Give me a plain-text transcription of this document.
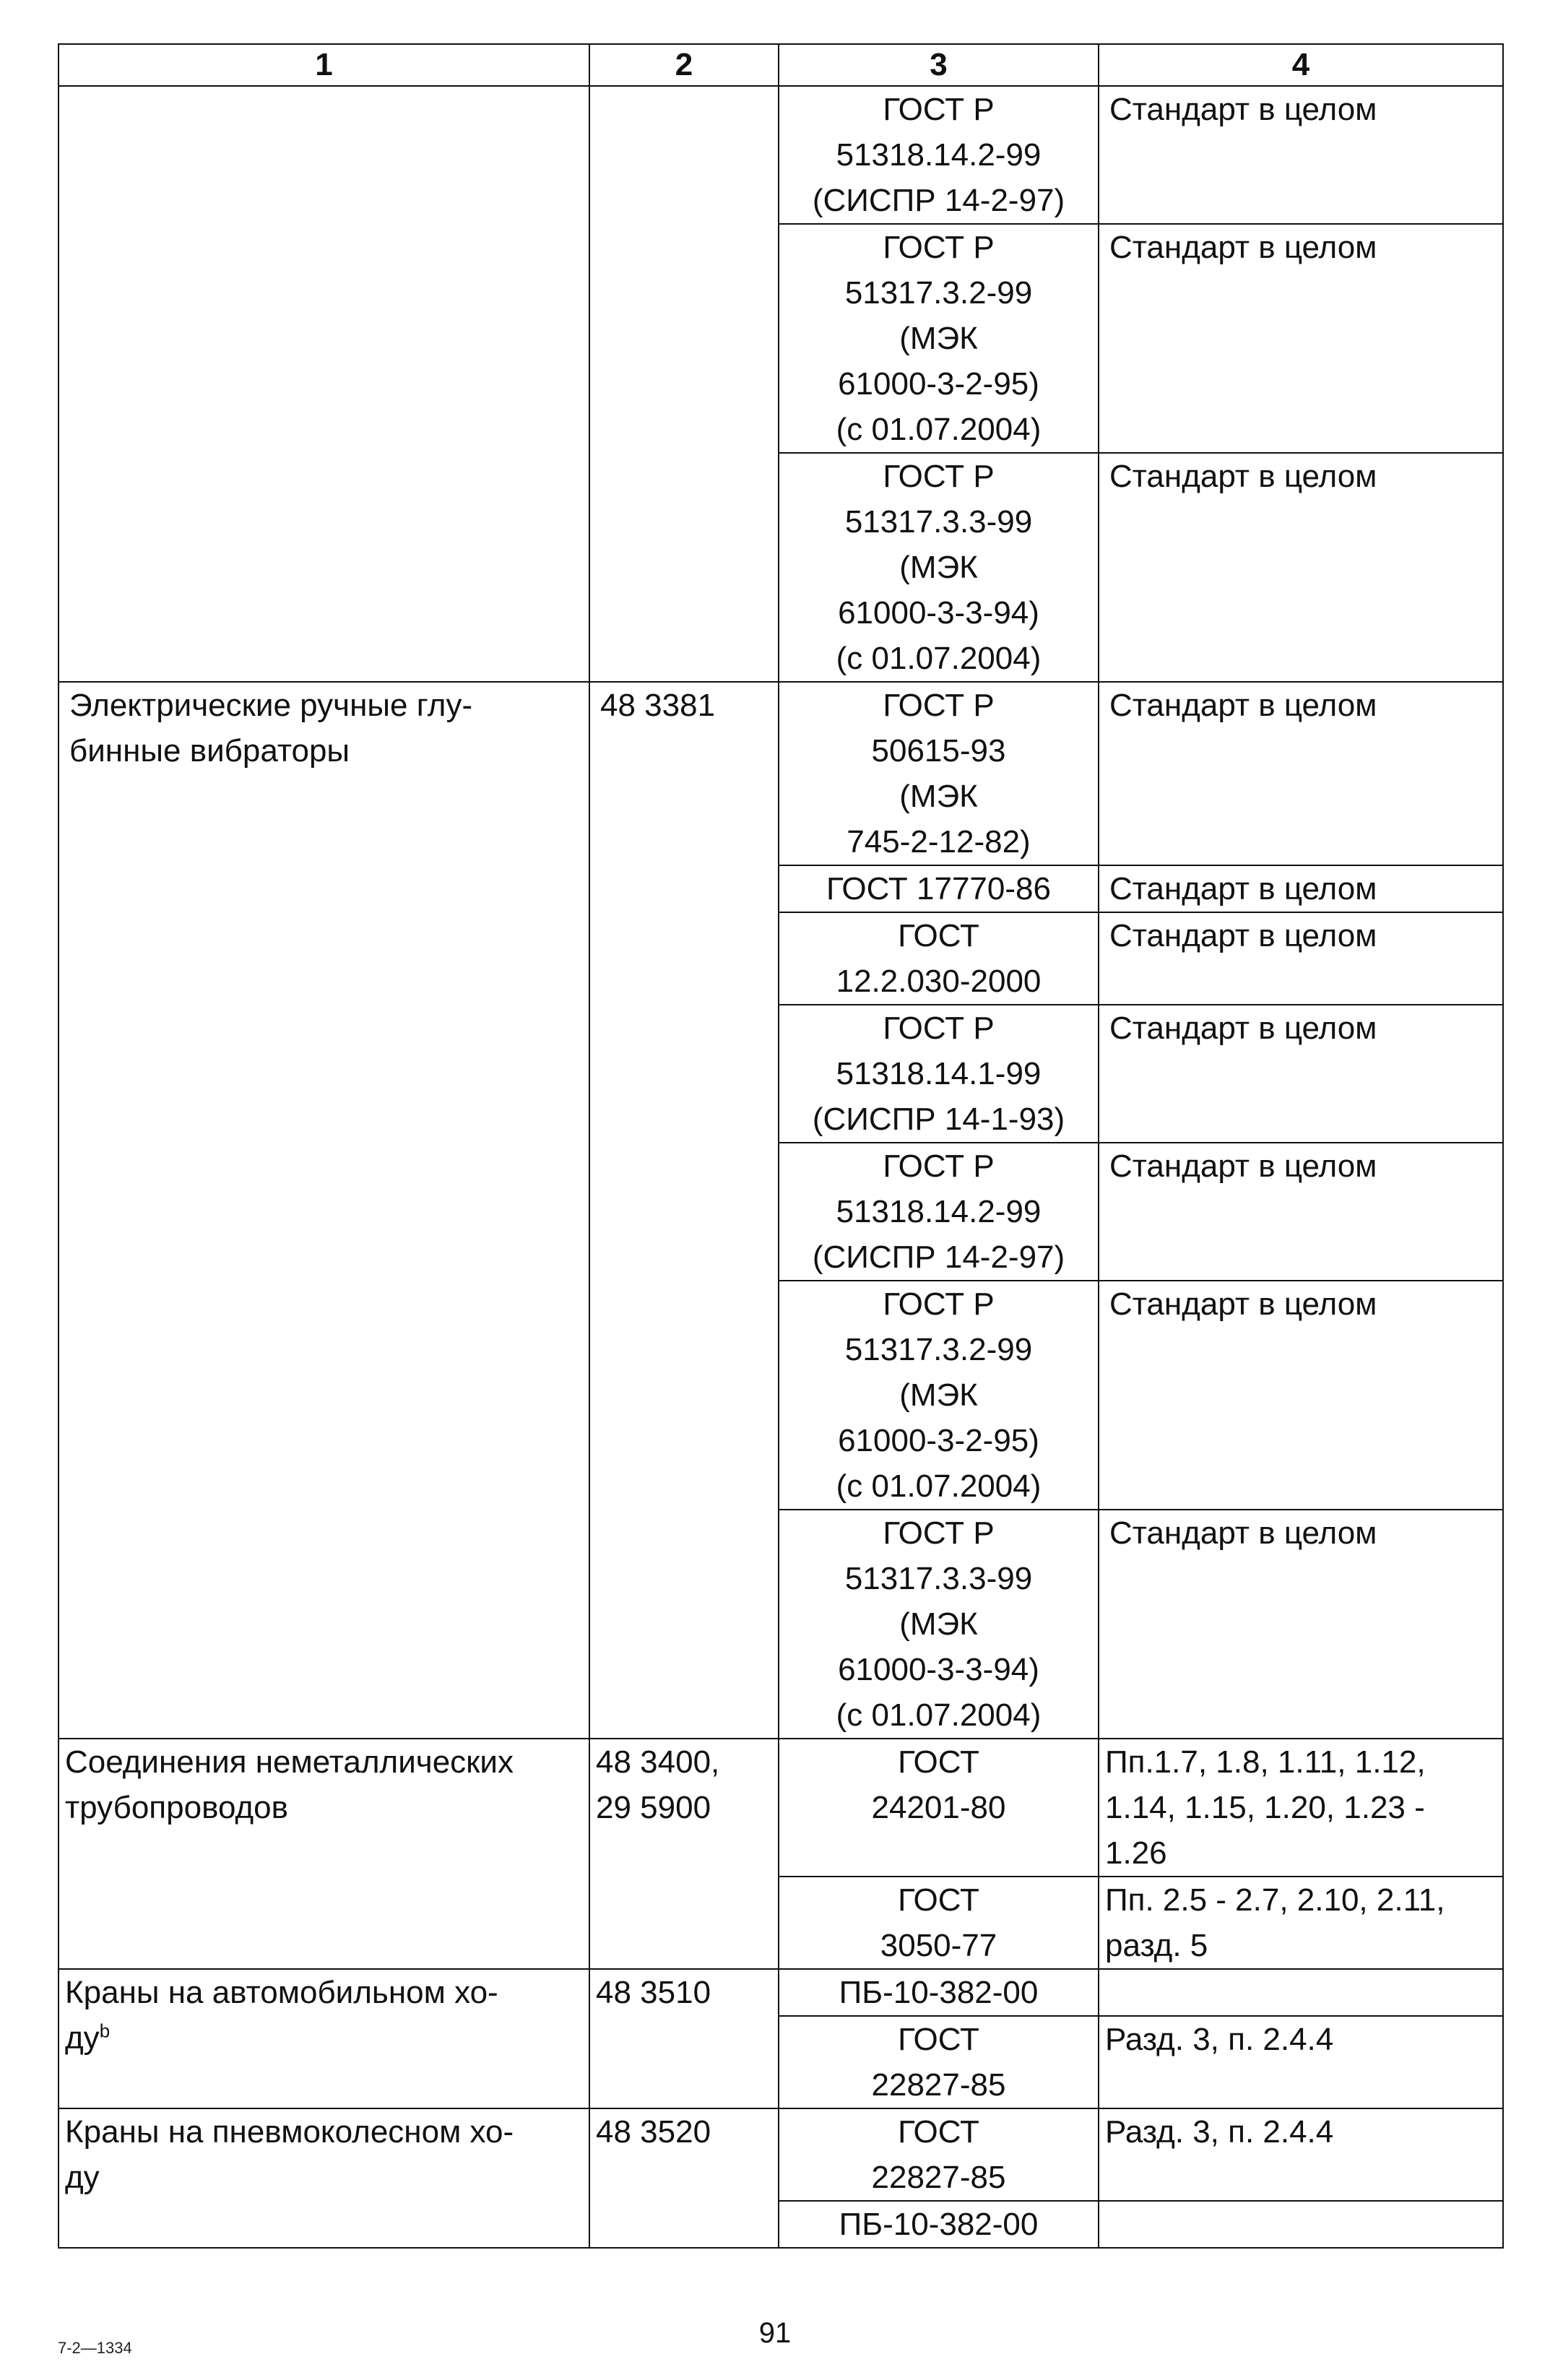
1	2	3	4

		ГОСТ Р
51318.14.2-99
(СИСПР 14-2-97)	Стандарт в целом

		ГОСТ Р
51317.3.2-99
(МЭК
61000-3-2-95)
(с 01.07.2004)	Стандарт в целом

		ГОСТ Р
51317.3.3-99
(МЭК
61000-3-3-94)
(с 01.07.2004)	Стандарт в целом

Электрические ручные глу-
бинные вибраторы	48 3381	ГОСТ Р
50615-93
(МЭК
745-2-12-82)	Стандарт в целом

		ГОСТ 17770-86	Стандарт в целом

		ГОСТ
12.2.030-2000	Стандарт в целом

		ГОСТ Р
51318.14.1-99
(СИСПР 14-1-93)	Стандарт в целом

		ГОСТ Р
51318.14.2-99
(СИСПР 14-2-97)	Стандарт в целом

		ГОСТ Р
51317.3.2-99
(МЭК
61000-3-2-95)
(с 01.07.2004)	Стандарт в целом

		ГОСТ Р
51317.3.3-99
(МЭК
61000-3-3-94)
(с 01.07.2004)	Стандарт в целом

Соединения неметаллических
трубопроводов	48 3400,
29 5900	ГОСТ
24201-80	Пп.1.7, 1.8, 1.11, 1.12,
1.14, 1.15, 1.20, 1.23 -
1.26

		ГОСТ
3050-77	Пп. 2.5 - 2.7, 2.10, 2.11,
разд. 5

Краны на автомобильном хо-
$ду^b$	48 3510	ПБ-10-382-00	

		ГОСТ
22827-85	Разд. 3, п. 2.4.4

Краны на пневмоколесном хо-
ду	48 3520	ГОСТ
22827-85	Разд. 3, п. 2.4.4

		ПБ-10-382-00	

91
7-2—1334
